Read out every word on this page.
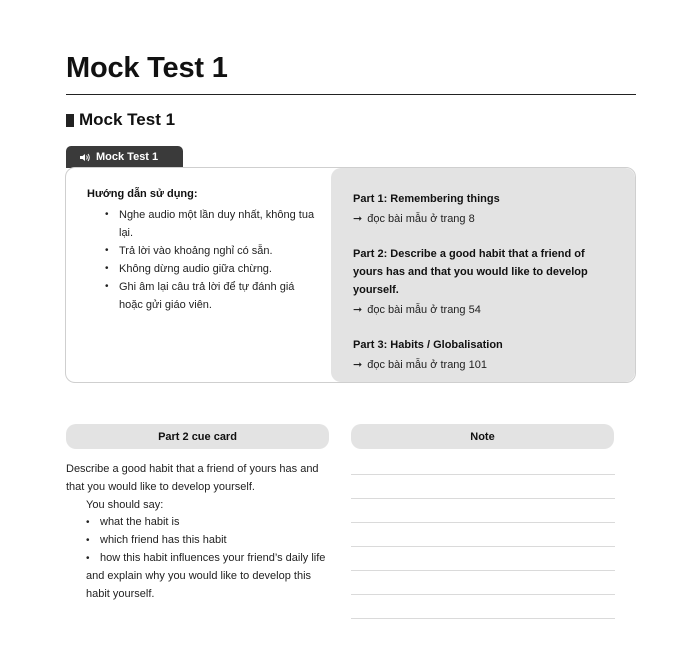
Mock Test 1
Mock Test 1
Mock Test 1

Hướng dẫn sử dụng:

• Nghe audio một lần duy nhất, không tua lại.
• Trả lời vào khoảng nghỉ có sẵn.
• Không dừng audio giữa chừng.
• Ghi âm lại câu trả lời để tự đánh giá hoặc gửi giáo viên.
Part 1: Remembering things
➞ đọc bài mẫu ở trang 8
Part 2: Describe a good habit that a friend of yours has and that you would like to develop yourself.
➞ đọc bài mẫu ở trang 54
Part 3: Habits / Globalisation
➞ đọc bài mẫu ở trang 101
Part 2 cue card	Note
Describe a good habit that a friend of yours has and that you would like to develop yourself.
You should say:
• what the habit is
• which friend has this habit
• how this habit influences your friend’s daily life
and explain why you would like to develop this habit yourself.
